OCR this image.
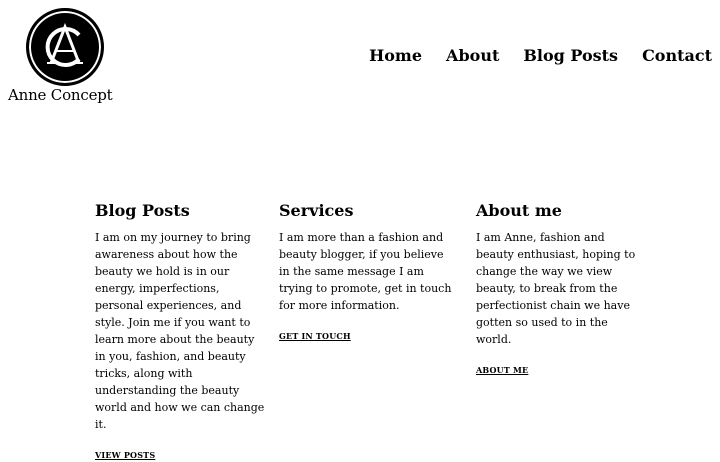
Anne Concept
Home About Blog Posts Contact
Blog Posts

I am on my journey to bring awareness about how the beauty we hold is in our energy, imperfections, personal experiences, and style. Join me if you want to learn more about the beauty in you, fashion, and beauty tricks, along with understanding the beauty world and how we can change it.

VIEW POSTS
Services

I am more than a fashion and beauty blogger, if you believe in the same message I am trying to promote, get in touch for more information.

GET IN TOUCH
About me

I am Anne, fashion and beauty enthusiast, hoping to change the way we view beauty, to break from the perfectionist chain we have gotten so used to in the world.

ABOUT ME
